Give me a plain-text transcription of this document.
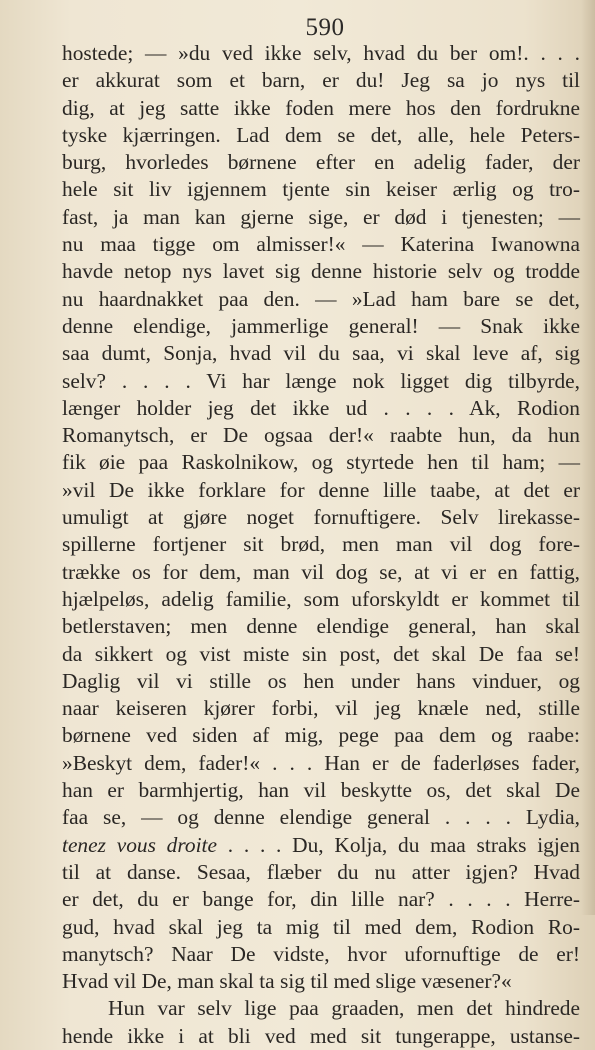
590
hostede; — »du ved ikke selv, hvad du ber om!. . . .
er akkurat som et barn, er du! Jeg sa jo nys til
dig, at jeg satte ikke foden mere hos den fordrukne
tyske kjærringen. Lad dem se det, alle, hele Peters-
burg, hvorledes børnene efter en adelig fader, der
hele sit liv igjennem tjente sin keiser ærlig og tro-
fast, ja man kan gjerne sige, er død i tjenesten; —
nu maa tigge om almisser!« — Katerina Iwanowna
havde netop nys lavet sig denne historie selv og trodde
nu haardnakket paa den. — »Lad ham bare se det,
denne elendige, jammerlige general! — Snak ikke
saa dumt, Sonja, hvad vil du saa, vi skal leve af, sig
selv? . . . . Vi har længe nok ligget dig tilbyrde,
længer holder jeg det ikke ud . . . . Ak, Rodion
Romanytsch, er De ogsaa der!« raabte hun, da hun
fik øie paa Raskolnikow, og styrtede hen til ham; —
»vil De ikke forklare for denne lille taabe, at det er
umuligt at gjøre noget fornuftigere. Selv lirekasse-
spillerne fortjener sit brød, men man vil dog fore-
trække os for dem, man vil dog se, at vi er en fattig,
hjælpeløs, adelig familie, som uforskyldt er kommet til
betlerstaven; men denne elendige general, han skal
da sikkert og vist miste sin post, det skal De faa se!
Daglig vil vi stille os hen under hans vinduer, og
naar keiseren kjører forbi, vil jeg knæle ned, stille
børnene ved siden af mig, pege paa dem og raabe:
»Beskyt dem, fader!« . . . Han er de faderløses fader,
han er barmhjertig, han vil beskytte os, det skal De
faa se, — og denne elendige general . . . . Lydia,
tenez vous droite . . . . Du, Kolja, du maa straks igjen
til at danse. Sesaa, flæber du nu atter igjen? Hvad
er det, du er bange for, din lille nar? . . . . Herre-
gud, hvad skal jeg ta mig til med dem, Rodion Ro-
manytsch? Naar De vidste, hvor ufornuftige de er!
Hvad vil De, man skal ta sig til med slige væsener?«
Hun var selv lige paa graaden, men det hindrede
hende ikke i at bli ved med sit tungerappe, ustanse-
